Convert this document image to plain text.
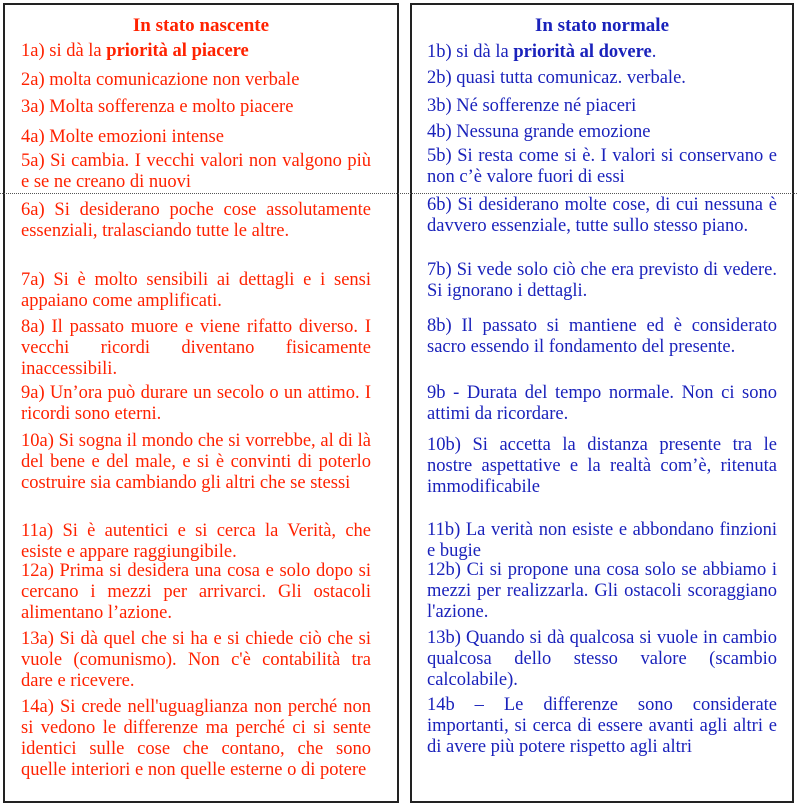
In stato nascente
1a) si dà la priorità al piacere
2a) molta comunicazione non verbale
3a) Molta sofferenza e molto piacere
4a) Molte emozioni intense
5a) Si cambia. I vecchi valori non valgono più e se ne creano di nuovi
6a) Si desiderano poche cose assolutamente essenziali, tralasciando tutte le altre.
7a) Si è molto sensibili ai dettagli e i sensi appaiano come amplificati.
8a) Il passato muore e viene rifatto diverso. I vecchi ricordi diventano fisicamente inaccessibili.
9a) Un’ora può durare un secolo o un attimo. I ricordi sono eterni.
10a) Si sogna il mondo che si vorrebbe, al di là del bene e del male, e si è convinti di poterlo costruire sia cambiando gli altri che se stessi
11a) Si è autentici e si cerca la Verità, che esiste e appare raggiungibile.
12a) Prima si desidera una cosa e solo dopo si cercano i mezzi per arrivarci. Gli ostacoli alimentano l’azione.
13a) Si dà quel che si ha e si chiede ciò che si vuole (comunismo). Non c'è contabilità tra dare e ricevere.
14a) Si crede nell'uguaglianza non perché non si vedono le differenze ma perché ci si sente identici sulle cose che contano, che sono quelle interiori e non quelle esterne o di potere
In stato normale
1b) si dà la priorità al dovere.
2b) quasi tutta comunicaz. verbale.
3b) Né sofferenze né piaceri
4b) Nessuna grande emozione
5b) Si resta come si è. I valori si conservano e non c’è valore fuori di essi
6b) Si desiderano molte cose, di cui nessuna è davvero essenziale, tutte sullo stesso piano.
7b) Si vede solo ciò che era previsto di vedere. Si ignorano i dettagli.
8b) Il passato si mantiene ed è considerato sacro essendo il fondamento del presente.
9b - Durata del tempo normale. Non ci sono attimi da ricordare.
10b) Si accetta la distanza presente tra le nostre aspettative e la realtà com’è, ritenuta immodificabile
11b) La verità non esiste e abbondano finzioni e bugie
12b) Ci si propone una cosa solo se abbiamo i mezzi per realizzarla. Gli ostacoli scoraggiano l'azione.
13b) Quando si dà qualcosa si vuole in cambio qualcosa dello stesso valore (scambio calcolabile).
14b – Le differenze sono considerate importanti, si cerca di essere avanti agli altri e di avere più potere rispetto agli altri
